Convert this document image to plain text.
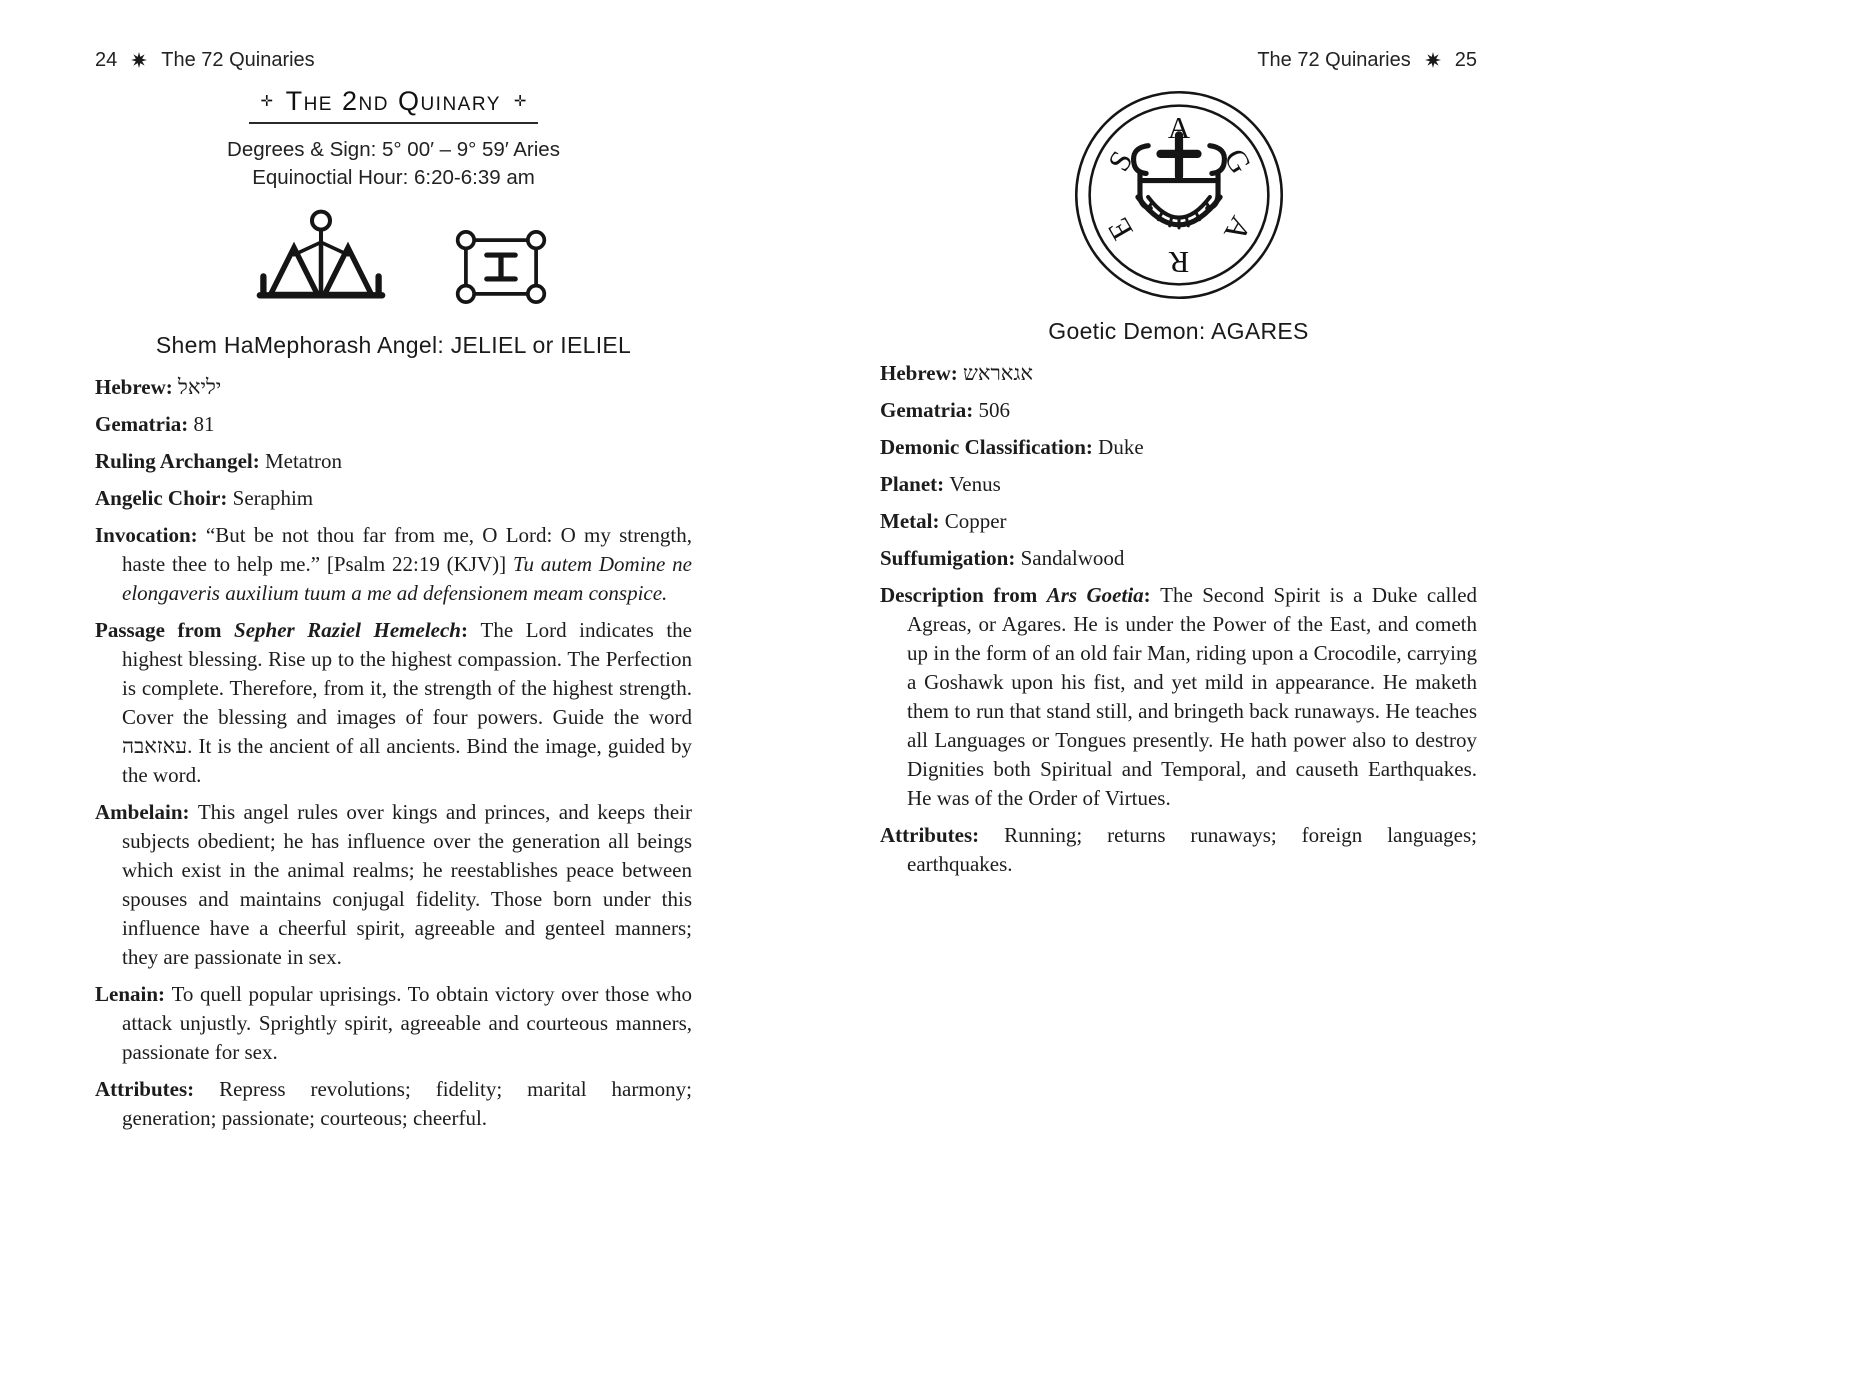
24 The 72 Quinaries
✛ The 2nd Quinary ✛
Degrees & Sign: 5° 00′ – 9° 59′ Aries
Equinoctial Hour: 6:20-6:39 am
Shem HaMephorash Angel: JELIEL or IELIEL

Hebrew: יליאל

Gematria: 81

Ruling Archangel: Metatron

Angelic Choir: Seraphim

Invocation: “But be not thou far from me, O Lord: O my strength, haste thee to help me.” [Psalm 22:19 (KJV)] Tu autem Domine ne elongaveris auxilium tuum a me ad defensionem meam conspice.

Passage from Sepher Raziel Hemelech: The Lord indicates the highest blessing. Rise up to the highest compassion. The Perfection is complete. Therefore, from it, the strength of the highest strength. Cover the blessing and images of four powers. Guide the word עאזאבה. It is the ancient of all ancients. Bind the image, guided by the word.

Ambelain: This angel rules over kings and princes, and keeps their subjects obedient; he has influence over the generation all beings which exist in the animal realms; he reestablishes peace between spouses and maintains conjugal fidelity. Those born under this influence have a cheerful spirit, agreeable and genteel manners; they are passionate in sex.

Lenain: To quell popular uprisings. To obtain victory over those who attack unjustly. Sprightly spirit, agreeable and courteous manners, passionate for sex.

Attributes: Repress revolutions; fidelity; marital harmony; generation; passionate; courteous; cheerful.

The 72 Quinaries 25
A
G
A
R
E
S
Goetic Demon: AGARES

Hebrew: אגאראש

Gematria: 506

Demonic Classification: Duke

Planet: Venus

Metal: Copper

Suffumigation: Sandalwood

Description from Ars Goetia: The Second Spirit is a Duke called Agreas, or Agares. He is under the Power of the East, and cometh up in the form of an old fair Man, riding upon a Crocodile, carrying a Goshawk upon his fist, and yet mild in appearance. He maketh them to run that stand still, and bringeth back runaways. He teaches all Languages or Tongues presently. He hath power also to destroy Dignities both Spiritual and Temporal, and causeth Earthquakes. He was of the Order of Virtues.

Attributes: Running; returns runaways; foreign languages; earthquakes.
